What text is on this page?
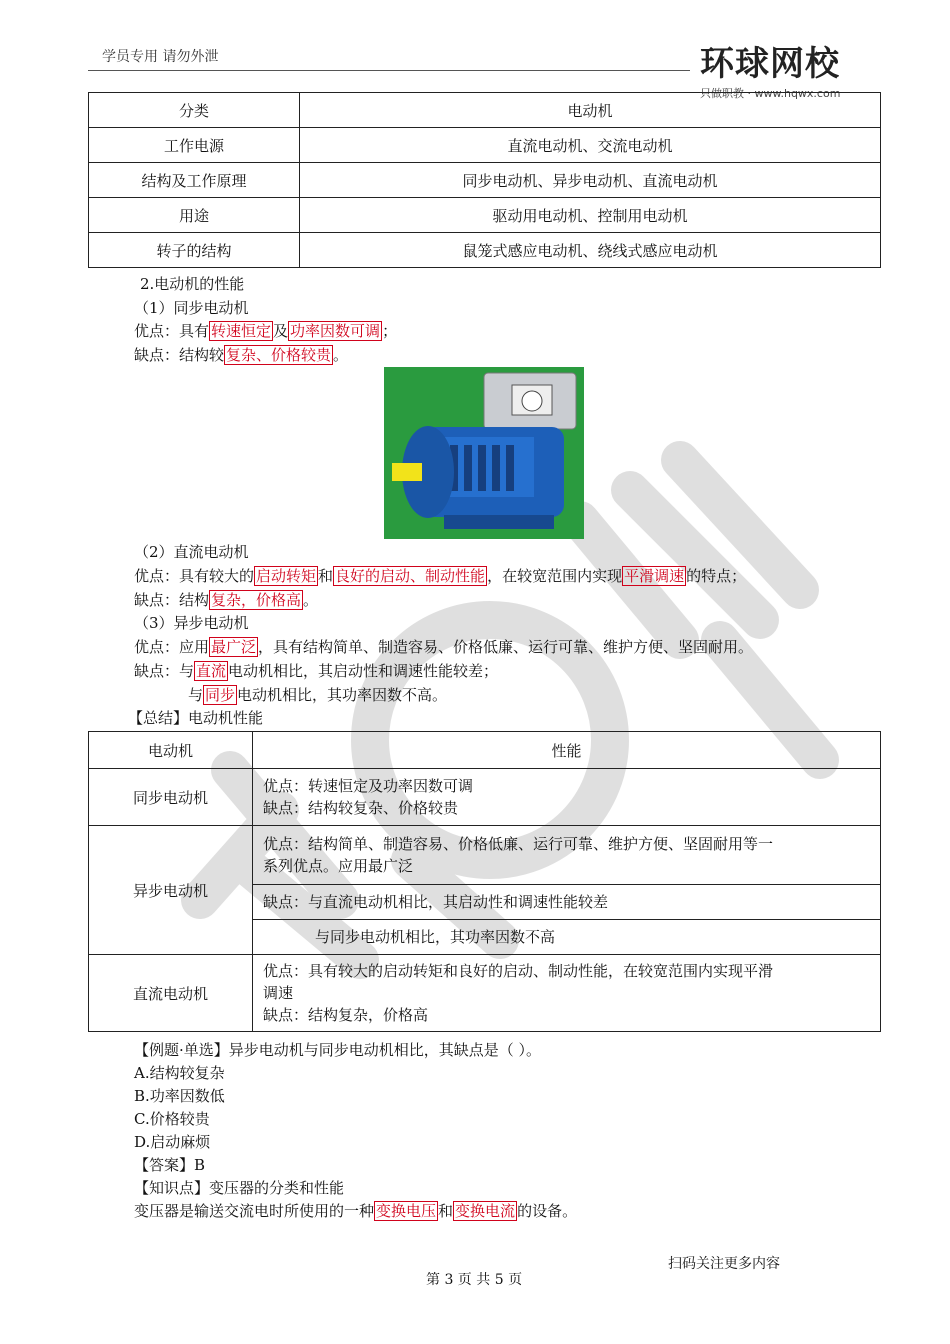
学员专用 请勿外泄	环球网校
只做职教 · www.hqwx.com
分类	电动机
工作电源	直流电动机、交流电动机
结构及工作原理	同步电动机、异步电动机、直流电动机
用途	驱动用电动机、控制用电动机
转子的结构	鼠笼式感应电动机、绕线式感应电动机
2.电动机的性能
（1）同步电动机
优点：具有 转速恒定 及 功率因数可调 ；
缺点：结构较 复杂、价格较贵 。
（2）直流电动机
优点：具有较大的 启动转矩 和 良好的启动、制动性能 ，在较宽范围内实现 平滑调速 的特点；
缺点：结构 复杂，价格高 。
（3）异步电动机
优点：应用 最广泛 ，具有结构简单、制造容易、价格低廉、运行可靠、维护方便、坚固耐用。
缺点：与 直流 电动机相比，其启动性和调速性能较差；
与 同步 电动机相比，其功率因数不高。
【总结】电动机性能
电动机	性能
同步电动机	优点：转速恒定及功率因数可调
缺点：结构较复杂、价格较贵

异步电动机	优点：结构简单、制造容易、价格低廉、运行可靠、维护方便、坚固耐用等一
系列优点。应用最广泛

	缺点：与直流电动机相比，其启动性和调速性能较差
	与同步电动机相比，其功率因数不高
直流电动机	优点：具有较大的启动转矩和良好的启动、制动性能，在较宽范围内实现平滑
调速
缺点：结构复杂，价格高
【例题·单选】异步电动机与同步电动机相比，其缺点是（ ）。
A.结构较复杂
B.功率因数低
C.价格较贵
D.启动麻烦
【答案】B
【知识点】变压器的分类和性能
变压器是输送交流电时所使用的一种 变换电压 和 变换电流 的设备。
扫码关注更多内容
第 3 页 共 5 页
